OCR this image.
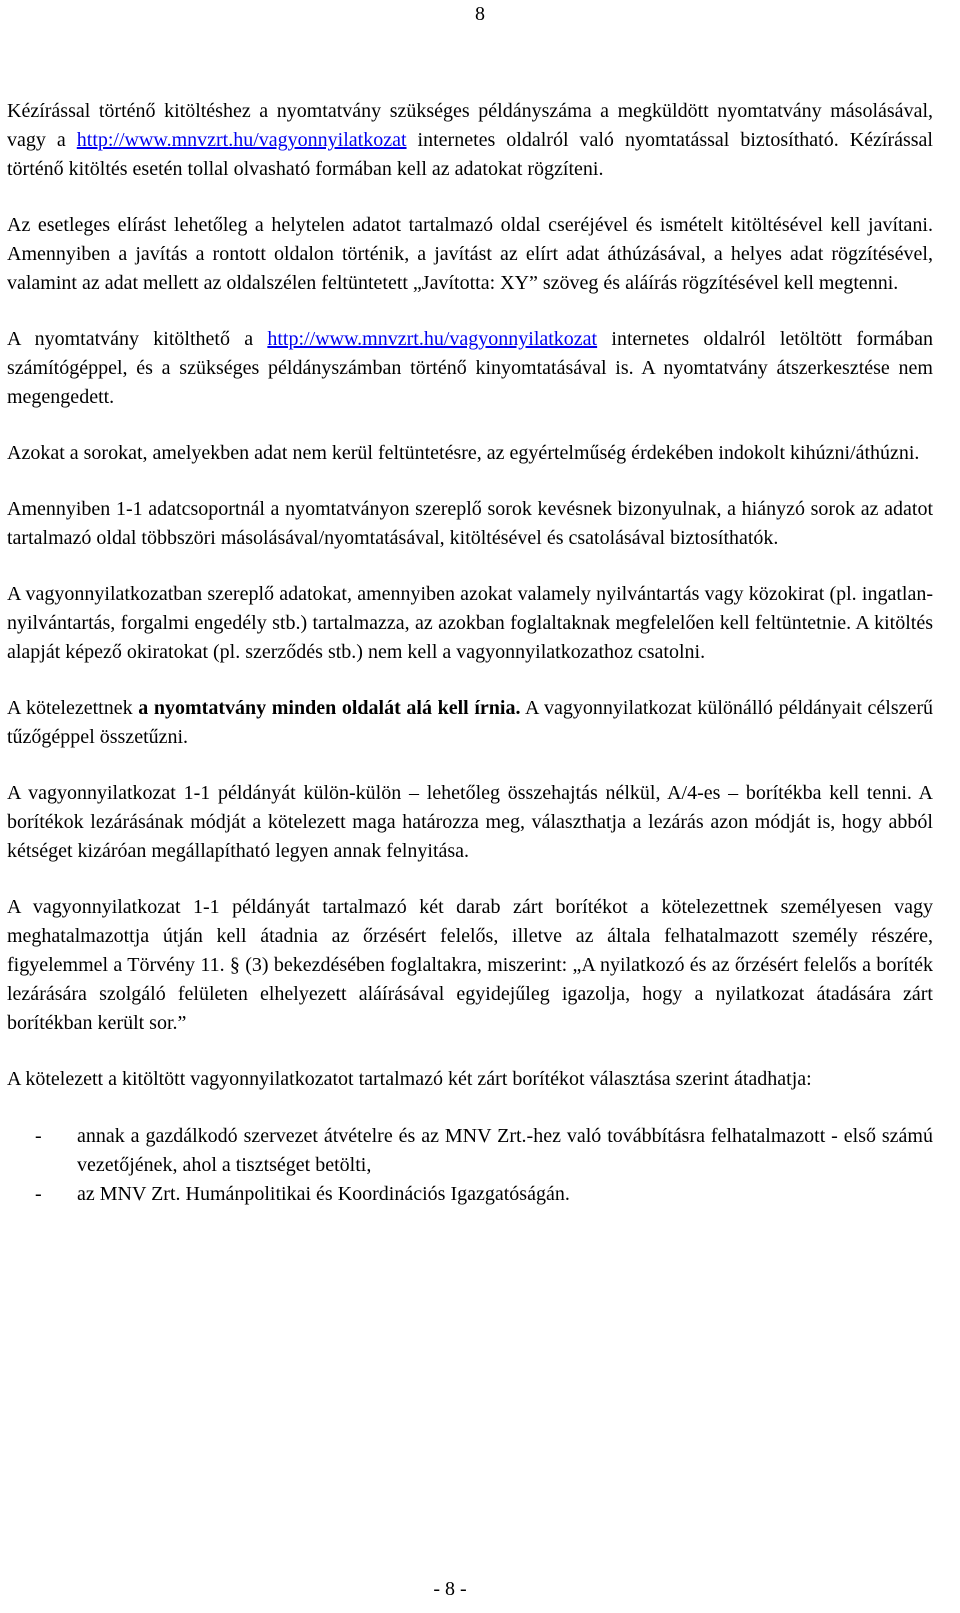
8

Kézírással történő kitöltéshez a nyomtatvány szükséges példányszáma a megküldött nyomtatvány másolásával, vagy a http://www.mnvzrt.hu/vagyonnyilatkozat internetes oldalról való nyomtatással biztosítható. Kézírással történő kitöltés esetén tollal olvasható formában kell az adatokat rögzíteni.

Az esetleges elírást lehetőleg a helytelen adatot tartalmazó oldal cseréjével és ismételt kitöltésével kell javítani. Amennyiben a javítás a rontott oldalon történik, a javítást az elírt adat áthúzásával, a helyes adat rögzítésével, valamint az adat mellett az oldalszélen feltüntetett „Javította: XY” szöveg és aláírás rögzítésével kell megtenni.

A nyomtatvány kitölthető a http://www.mnvzrt.hu/vagyonnyilatkozat internetes oldalról letöltött formában számítógéppel, és a szükséges példányszámban történő kinyomtatásával is. A nyomtatvány átszerkesztése nem megengedett.

Azokat a sorokat, amelyekben adat nem kerül feltüntetésre, az egyértelműség érdekében indokolt kihúzni/áthúzni.

Amennyiben 1-1 adatcsoportnál a nyomtatványon szereplő sorok kevésnek bizonyulnak, a hiányzó sorok az adatot tartalmazó oldal többszöri másolásával/nyomtatásával, kitöltésével és csatolásával biztosíthatók.

A vagyonnyilatkozatban szereplő adatokat, amennyiben azokat valamely nyilvántartás vagy közokirat (pl. ingatlan-nyilvántartás, forgalmi engedély stb.) tartalmazza, az azokban foglaltaknak megfelelően kell feltüntetnie. A kitöltés alapját képező okiratokat (pl. szerződés stb.) nem kell a vagyonnyilatkozathoz csatolni.

A kötelezettnek a nyomtatvány minden oldalát alá kell írnia. A vagyonnyilatkozat különálló példányait célszerű tűzőgéppel összetűzni.

A vagyonnyilatkozat 1-1 példányát külön-külön – lehetőleg összehajtás nélkül, A/4-es – borítékba kell tenni. A borítékok lezárásának módját a kötelezett maga határozza meg, választhatja a lezárás azon módját is, hogy abból kétséget kizáróan megállapítható legyen annak felnyitása.

A vagyonnyilatkozat 1-1 példányát tartalmazó két darab zárt borítékot a kötelezettnek személyesen vagy meghatalmazottja útján kell átadnia az őrzésért felelős, illetve az általa felhatalmazott személy részére, figyelemmel a Törvény 11. § (3) bekezdésében foglaltakra, miszerint: „A nyilatkozó és az őrzésért felelős a boríték lezárására szolgáló felületen elhelyezett aláírásával egyidejűleg igazolja, hogy a nyilatkozat átadására zárt borítékban került sor.”

A kötelezett a kitöltött vagyonnyilatkozatot tartalmazó két zárt borítékot választása szerint átadhatja:

- annak a gazdálkodó szervezet átvételre és az MNV Zrt.-hez való továbbításra felhatalmazott - első számú vezetőjének, ahol a tisztséget betölti,
- az MNV Zrt. Humánpolitikai és Koordinációs Igazgatóságán.
- 8 -
